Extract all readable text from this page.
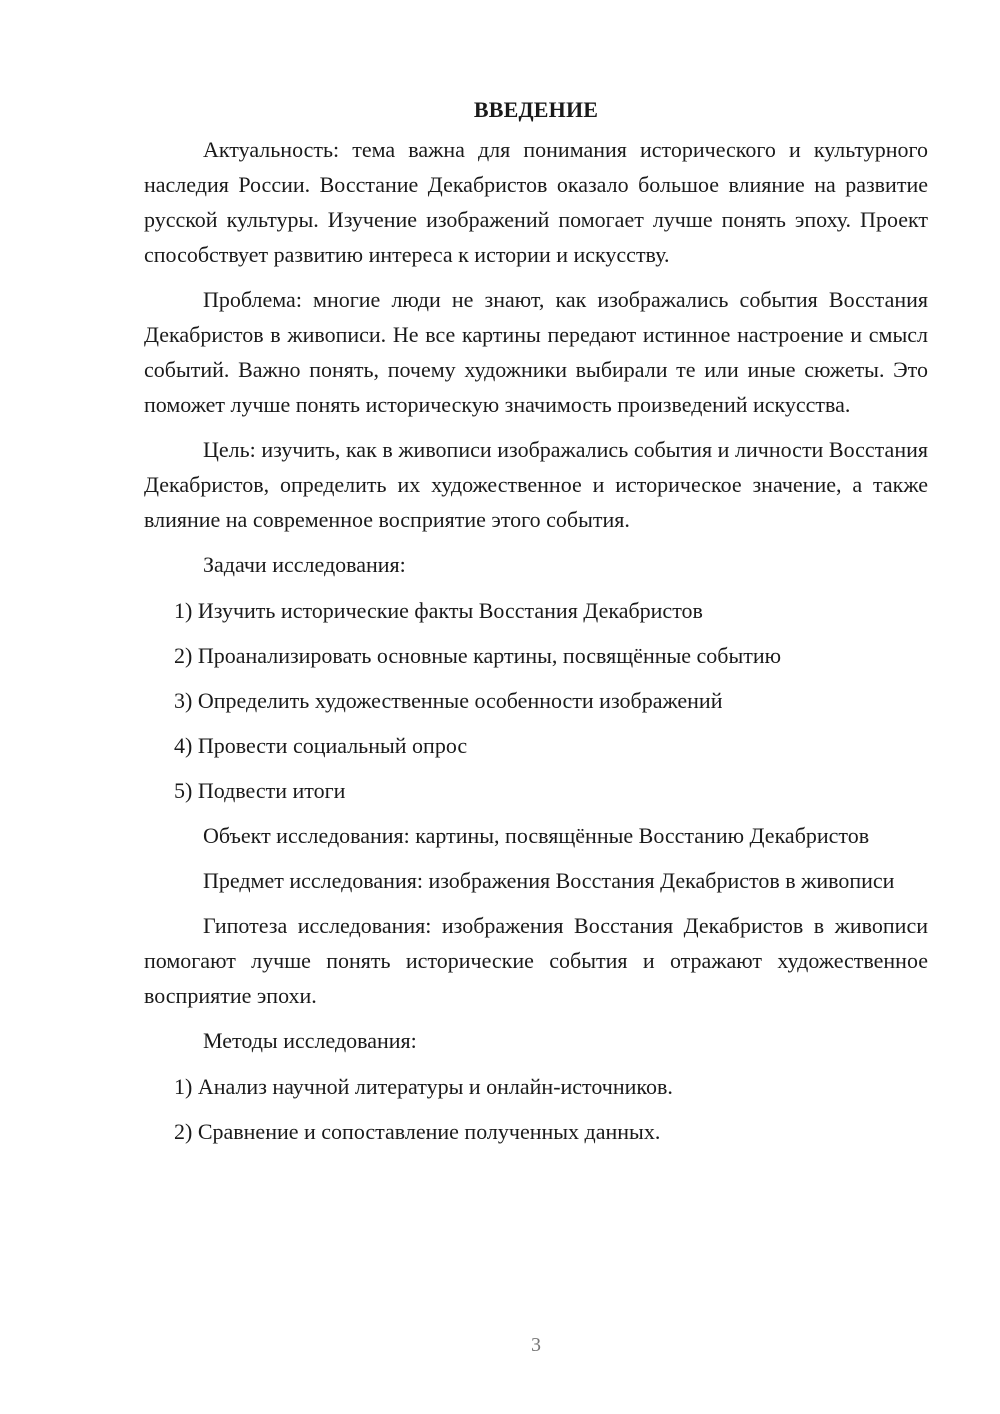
ВВЕДЕНИЕ

Актуальность: тема важна для понимания исторического и культурного наследия России. Восстание Декабристов оказало большое влияние на развитие русской культуры. Изучение изображений помогает лучше понять эпоху. Проект способствует развитию интереса к истории и искусству.

Проблема: многие люди не знают, как изображались события Восстания Декабристов в живописи. Не все картины передают истинное настроение и смысл событий. Важно понять, почему художники выбирали те или иные сюжеты. Это поможет лучше понять историческую значимость произведений искусства.

Цель: изучить, как в живописи изображались события и личности Восстания Декабристов, определить их художественное и историческое значение, а также влияние на современное восприятие этого события.

Задачи исследования:

1) Изучить исторические факты Восстания Декабристов
2) Проанализировать основные картины, посвящённые событию
3) Определить художественные особенности изображений
4) Провести социальный опрос
5) Подвести итоги

Объект исследования: картины, посвящённые Восстанию Декабристов

Предмет исследования: изображения Восстания Декабристов в живописи

Гипотеза исследования: изображения Восстания Декабристов в живописи помогают лучше понять исторические события и отражают художественное восприятие эпохи.

Методы исследования:

1) Анализ научной литературы и онлайн-источников.
2) Сравнение и сопоставление полученных данных.
3
